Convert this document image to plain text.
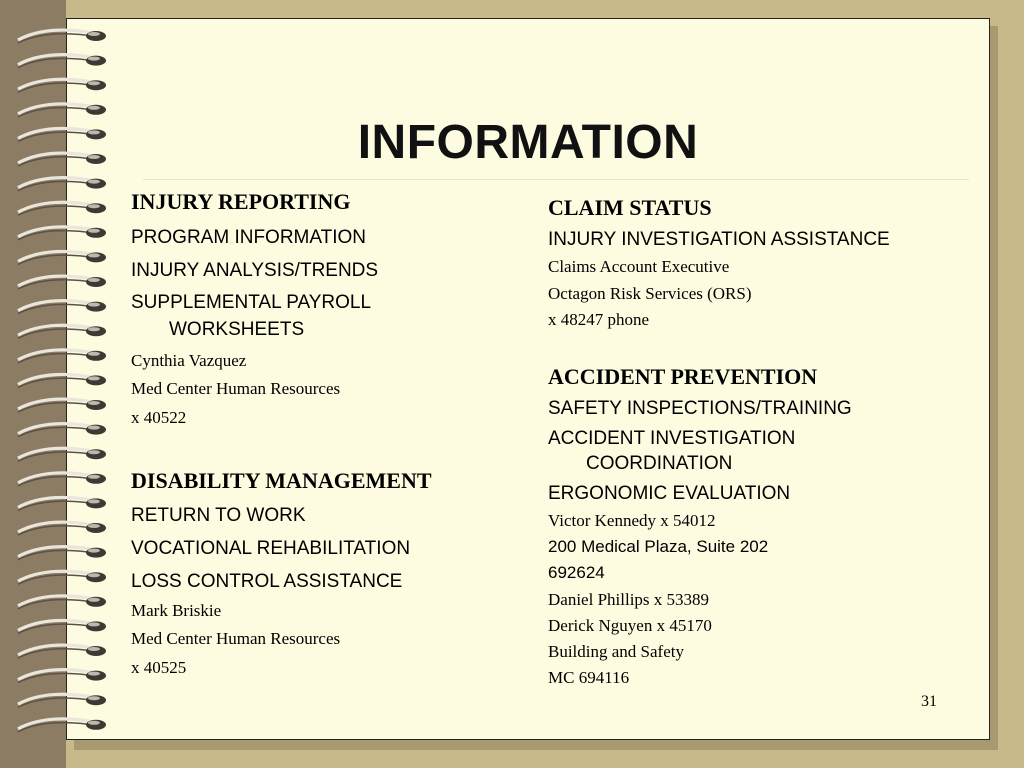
INFORMATION
INJURY REPORTING
PROGRAM INFORMATION
INJURY ANALYSIS/TRENDS
SUPPLEMENTAL PAYROLL
WORKSHEETS
Cynthia Vazquez
Med Center Human Resources
x 40522
DISABILITY MANAGEMENT
RETURN TO WORK
VOCATIONAL REHABILITATION
LOSS CONTROL ASSISTANCE
Mark Briskie
Med Center Human Resources
x 40525
CLAIM STATUS
INJURY INVESTIGATION ASSISTANCE
Claims Account Executive
Octagon Risk Services (ORS)
x 48247 phone
ACCIDENT PREVENTION
SAFETY INSPECTIONS/TRAINING
ACCIDENT INVESTIGATION
COORDINATION
ERGONOMIC EVALUATION
Victor Kennedy x 54012
200 Medical Plaza, Suite 202
692624
Daniel Phillips x 53389
Derick Nguyen x 45170
Building and Safety
MC 694116
31
